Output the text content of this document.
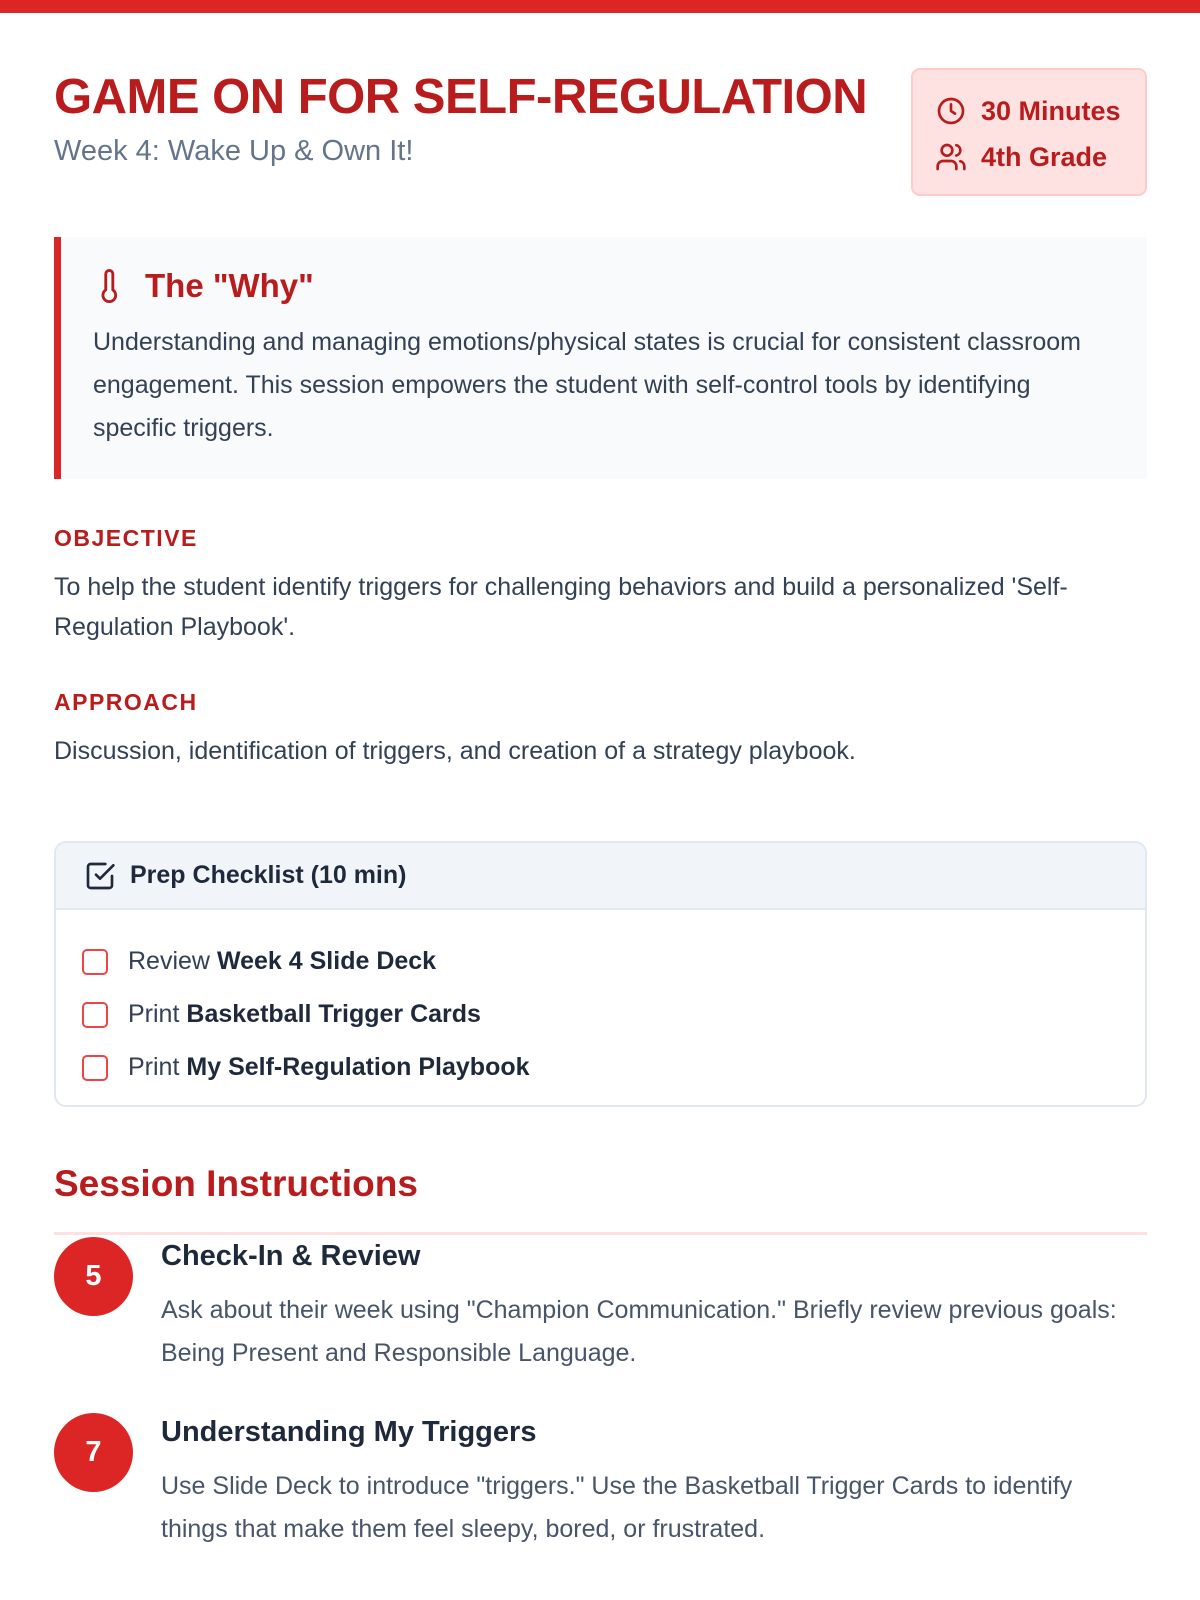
GAME ON FOR SELF-REGULATION
Week 4: Wake Up & Own It!
30 Minutes
4th Grade
The "Why"

Understanding and managing emotions/physical states is crucial for consistent classroom engagement. This session empowers the student with self-control tools by identifying specific triggers.

OBJECTIVE

To help the student identify triggers for challenging behaviors and build a personalized 'Self-Regulation Playbook'.

APPROACH

Discussion, identification of triggers, and creation of a strategy playbook.

Prep Checklist (10 min)
Review Week 4 Slide Deck
Print Basketball Trigger Cards
Print My Self-Regulation Playbook
Session Instructions
5
Check-In & Review

Ask about their week using "Champion Communication." Briefly review previous goals: Being Present and Responsible Language.

7
Understanding My Triggers

Use Slide Deck to introduce "triggers." Use the Basketball Trigger Cards to identify things that make them feel sleepy, bored, or frustrated.
